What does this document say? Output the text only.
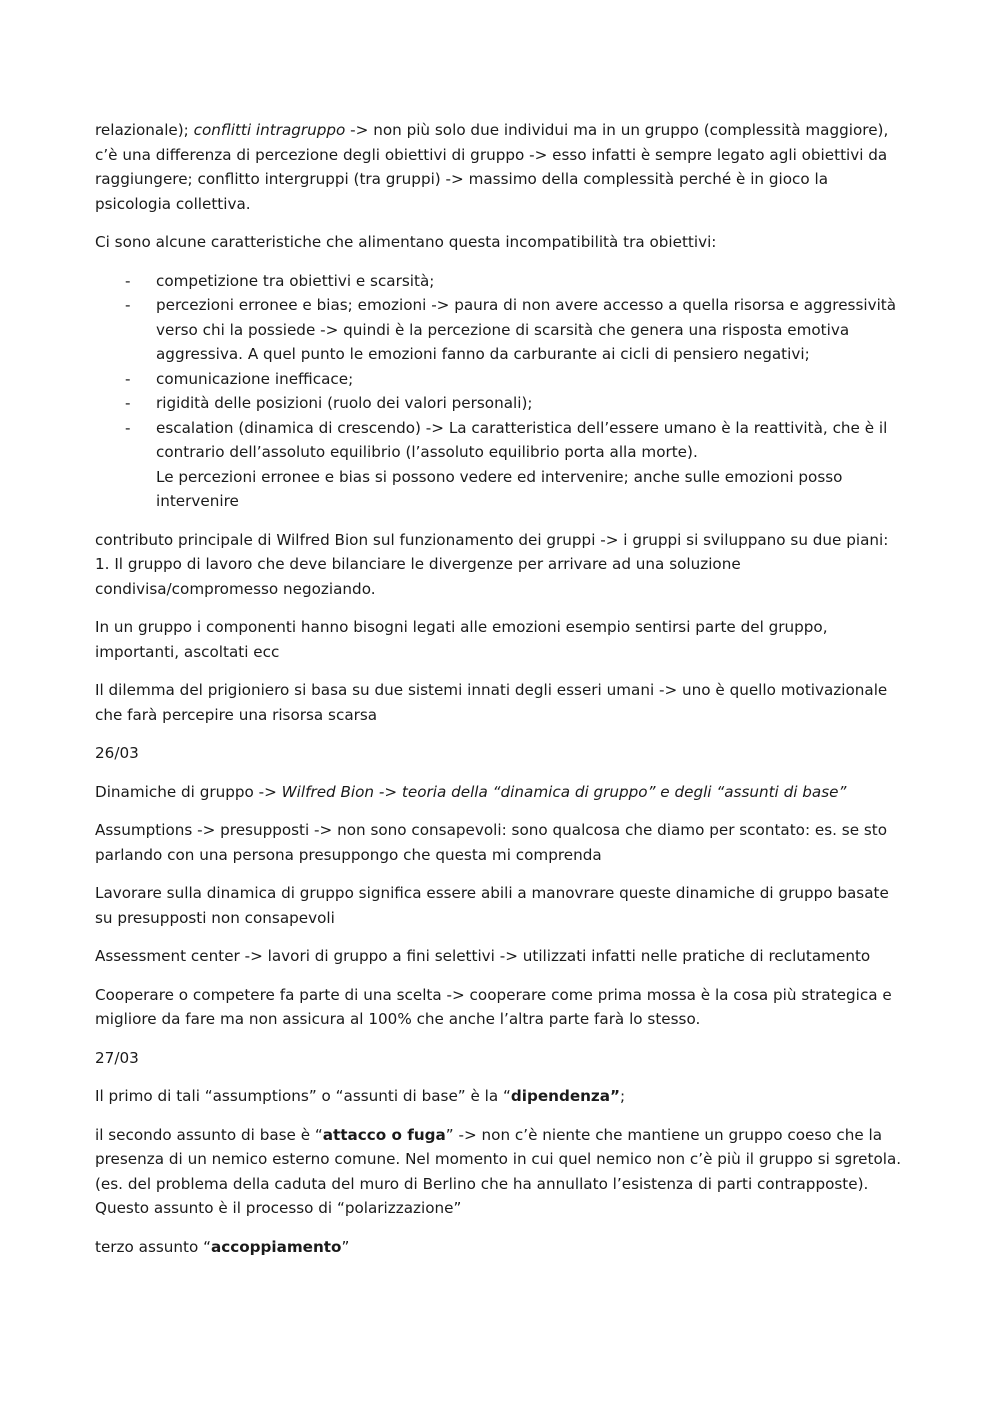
relazionale); conflitti intragruppo -> non più solo due individui ma in un gruppo (complessità maggiore), c’è una differenza di percezione degli obiettivi di gruppo -> esso infatti è sempre legato agli obiettivi da raggiungere; conflitto intergruppi (tra gruppi) -> massimo della complessità perché è in gioco la psicologia collettiva.

Ci sono alcune caratteristiche che alimentano questa incompatibilità tra obiettivi:

- competizione tra obiettivi e scarsità;
- percezioni erronee e bias; emozioni -> paura di non avere accesso a quella risorsa e aggressività verso chi la possiede -> quindi è la percezione di scarsità che genera una risposta emotiva aggressiva. A quel punto le emozioni fanno da carburante ai cicli di pensiero negativi;
- comunicazione inefficace;
- rigidità delle posizioni (ruolo dei valori personali);
- escalation (dinamica di crescendo) -> La caratteristica dell’essere umano è la reattività, che è il contrario dell’assoluto equilibrio (l’assoluto equilibrio porta alla morte).
Le percezioni erronee e bias si possono vedere ed intervenire; anche sulle emozioni posso intervenire

contributo principale di Wilfred Bion sul funzionamento dei gruppi -> i gruppi si sviluppano su due piani: 1. Il gruppo di lavoro che deve bilanciare le divergenze per arrivare ad una soluzione condivisa/compromesso negoziando.

In un gruppo i componenti hanno bisogni legati alle emozioni esempio sentirsi parte del gruppo, importanti, ascoltati ecc

Il dilemma del prigioniero si basa su due sistemi innati degli esseri umani -> uno è quello motivazionale che farà percepire una risorsa scarsa

26/03

Dinamiche di gruppo -> Wilfred Bion -> teoria della “dinamica di gruppo” e degli “assunti di base”

Assumptions -> presupposti -> non sono consapevoli: sono qualcosa che diamo per scontato: es. se sto parlando con una persona presuppongo che questa mi comprenda

Lavorare sulla dinamica di gruppo significa essere abili a manovrare queste dinamiche di gruppo basate su presupposti non consapevoli

Assessment center -> lavori di gruppo a fini selettivi -> utilizzati infatti nelle pratiche di reclutamento

Cooperare o competere fa parte di una scelta -> cooperare come prima mossa è la cosa più strategica e migliore da fare ma non assicura al 100% che anche l’altra parte farà lo stesso.

27/03

Il primo di tali “assumptions” o “assunti di base” è la “dipendenza”;

il secondo assunto di base è “attacco o fuga” -> non c’è niente che mantiene un gruppo coeso che la presenza di un nemico esterno comune. Nel momento in cui quel nemico non c’è più il gruppo si sgretola. (es. del problema della caduta del muro di Berlino che ha annullato l’esistenza di parti contrapposte). Questo assunto è il processo di “polarizzazione”

terzo assunto “accoppiamento”
